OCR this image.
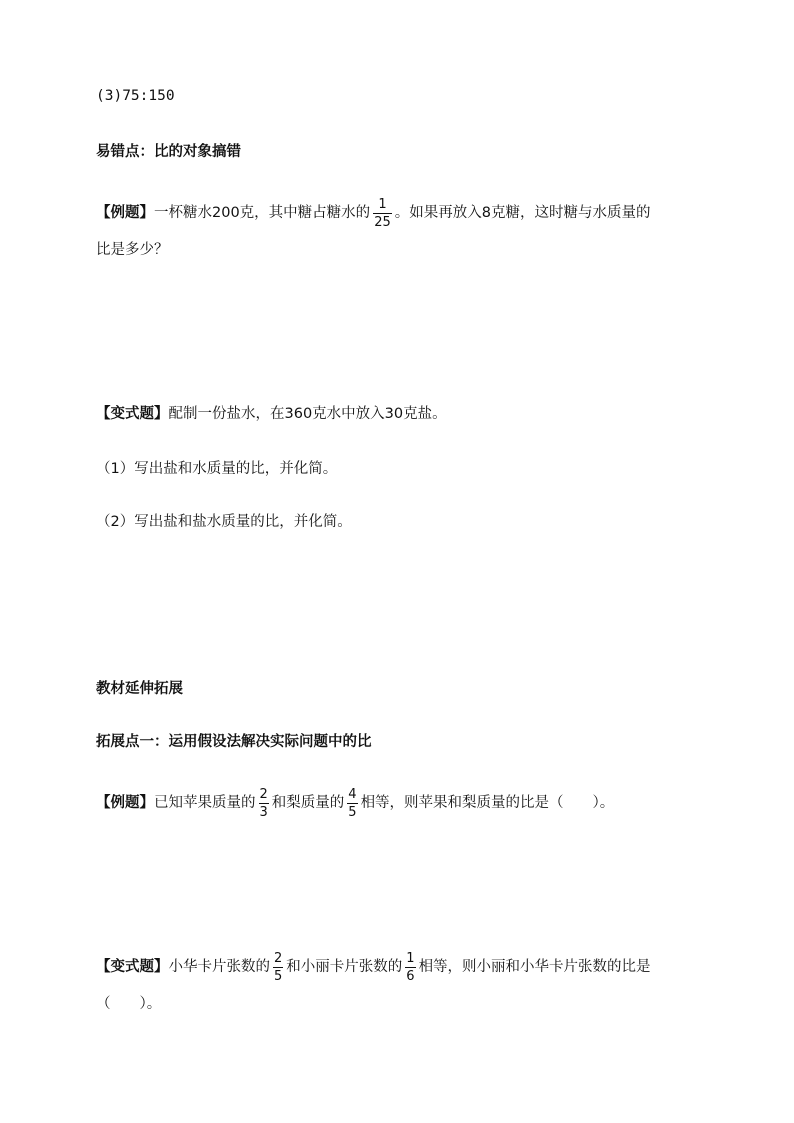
(3)75:150
易错点：比的对象搞错
【例题】 一杯糖水200克，其中糖占糖水的 $\frac{1}{25}$ 。如果再放入8克糖，这时糖与水质量的
比是多少？
【变式题】 配制一份盐水，在360克水中放入30克盐。
（1）写出盐和水质量的比，并化简。
（2）写出盐和盐水质量的比，并化简。
教材延伸拓展
拓展点一：运用假设法解决实际问题中的比
【例题】 已知苹果质量的 $\frac{2}{3}$ 和梨质量的 $\frac{4}{5}$ 相等，则苹果和梨质量的比是（　　）。
【变式题】 小华卡片张数的 $\frac{2}{5}$ 和小丽卡片张数的 $\frac{1}{6}$ 相等，则小丽和小华卡片张数的比是
（　　）。
